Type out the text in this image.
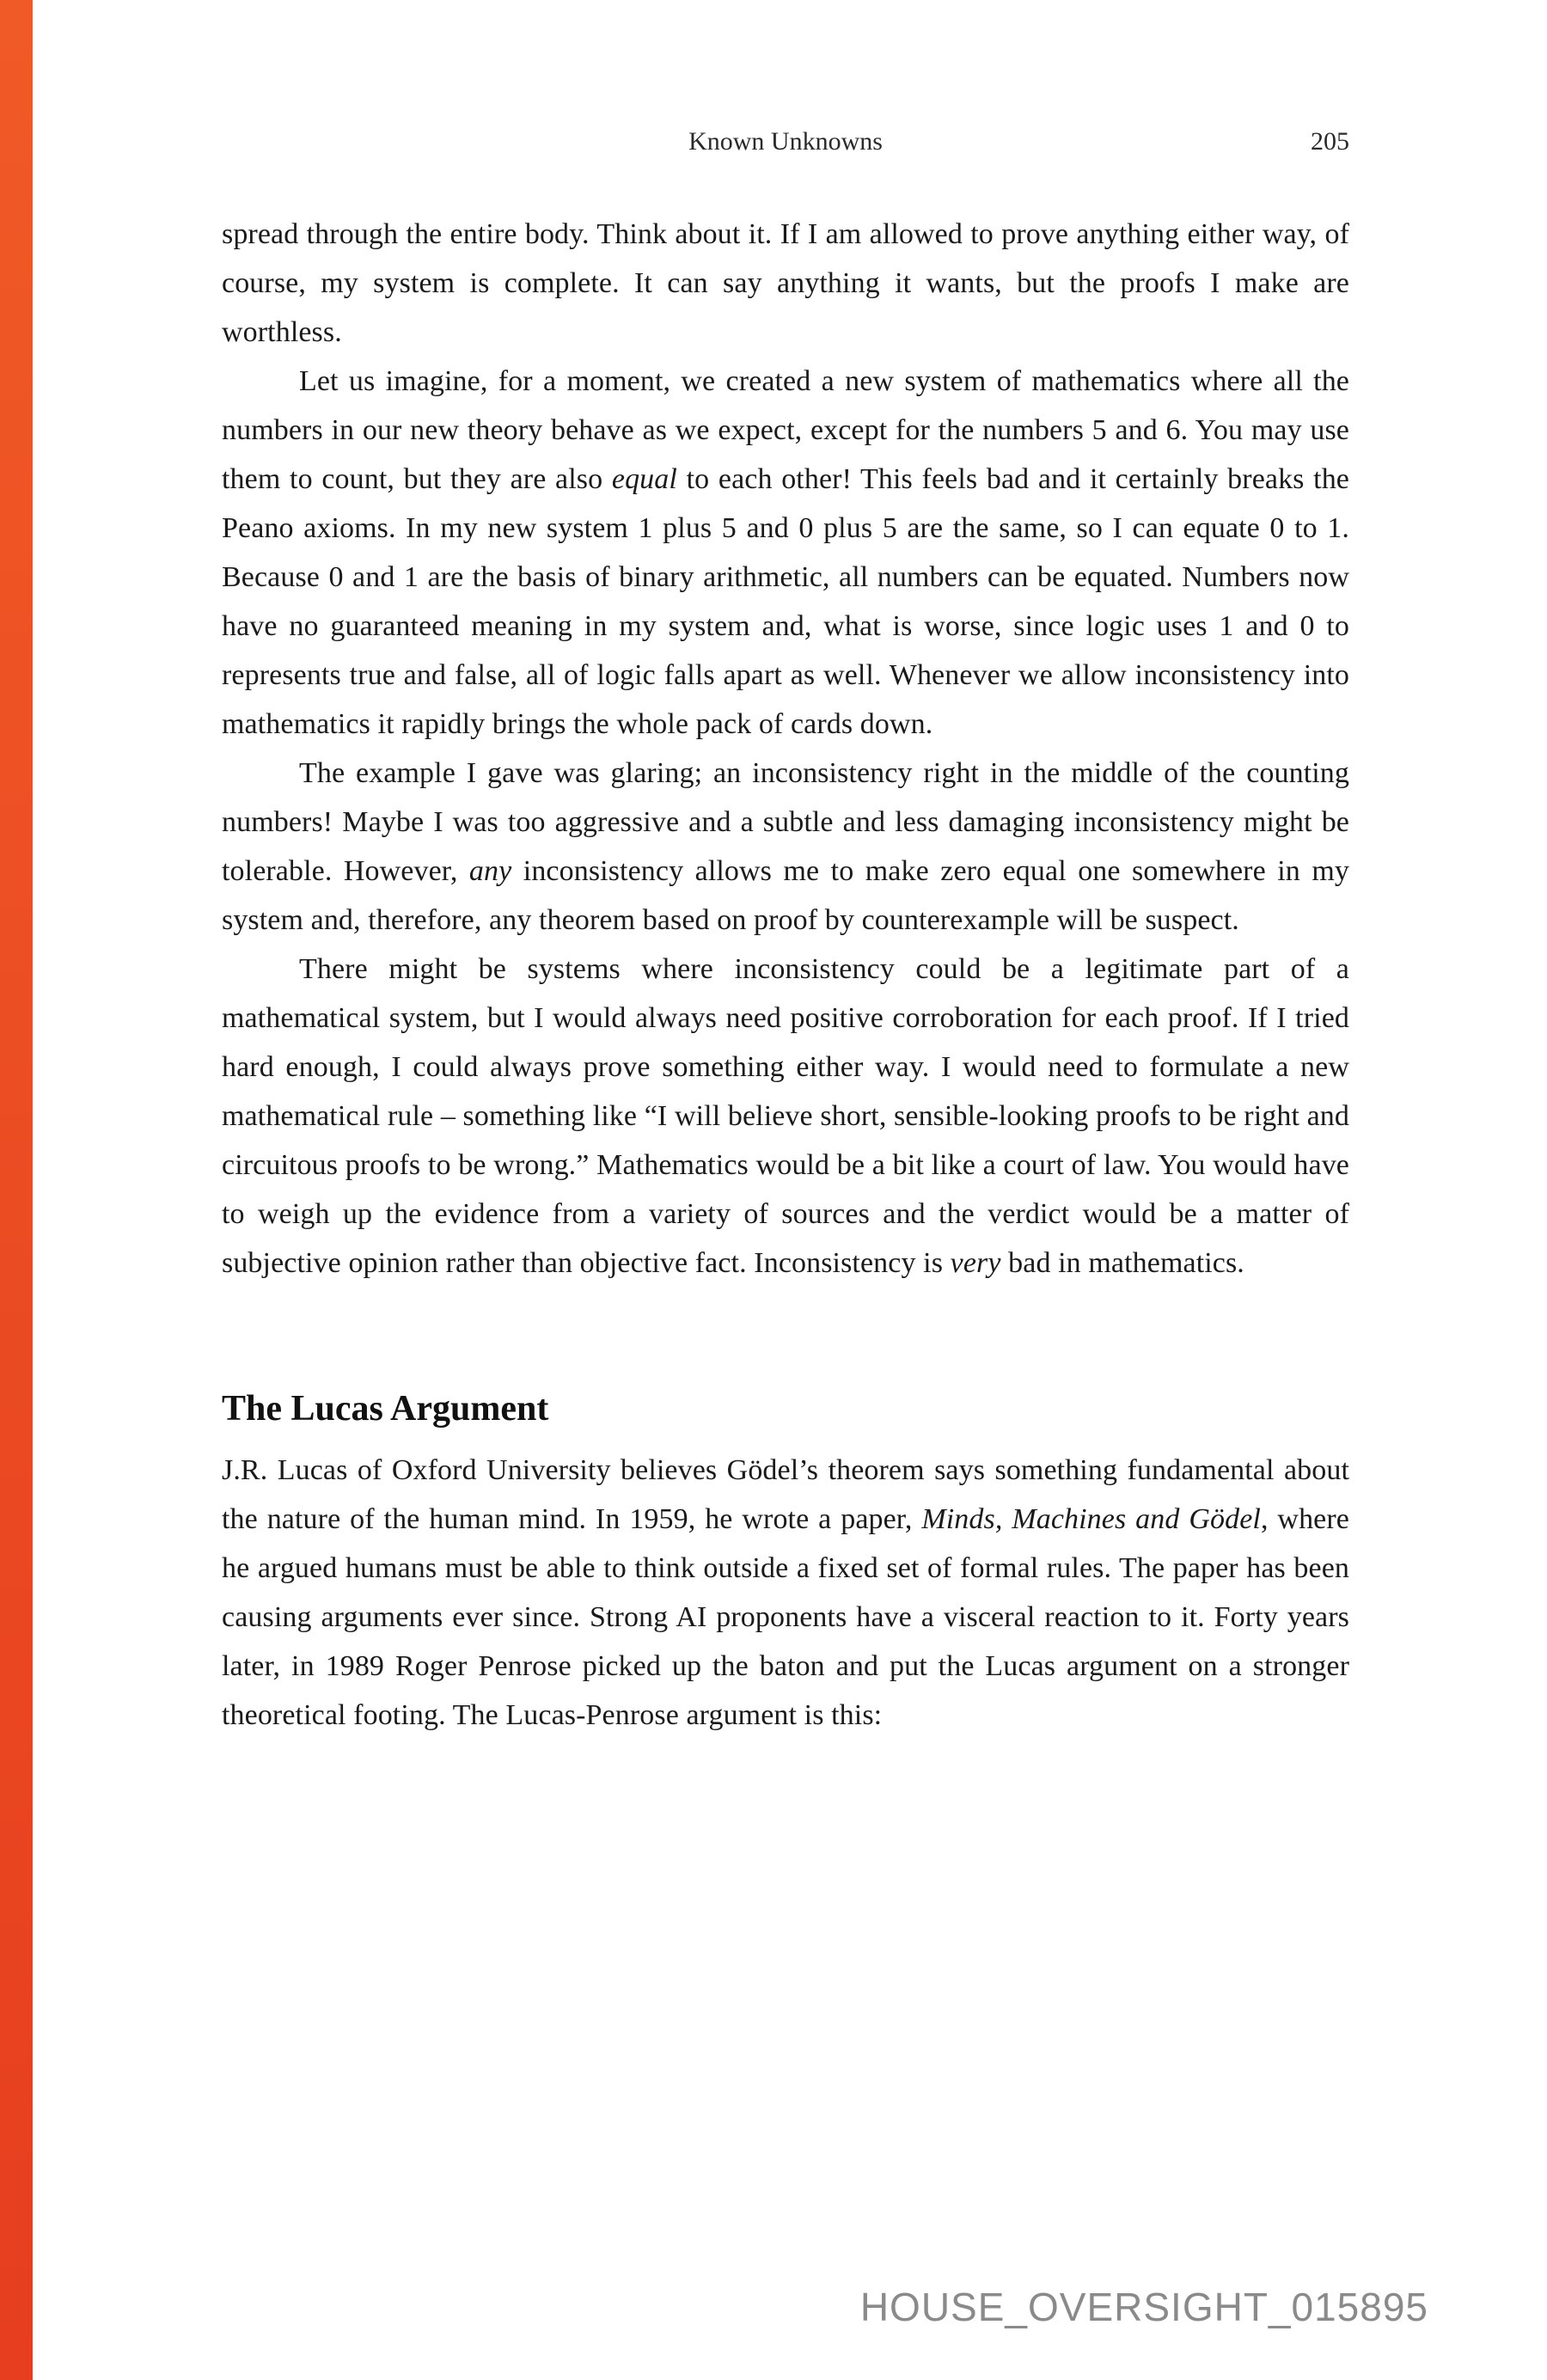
Known Unknowns	205

spread through the entire body. Think about it. If I am allowed to prove anything either way, of course, my system is complete. It can say anything it wants, but the proofs I make are worthless.

Let us imagine, for a moment, we created a new system of mathematics where all the numbers in our new theory behave as we expect, except for the numbers 5 and 6. You may use them to count, but they are also equal to each other! This feels bad and it certainly breaks the Peano axioms. In my new system 1 plus 5 and 0 plus 5 are the same, so I can equate 0 to 1. Because 0 and 1 are the basis of binary arithmetic, all numbers can be equated. Numbers now have no guaranteed meaning in my system and, what is worse, since logic uses 1 and 0 to represents true and false, all of logic falls apart as well. Whenever we allow inconsistency into mathematics it rapidly brings the whole pack of cards down.

The example I gave was glaring; an inconsistency right in the middle of the counting numbers! Maybe I was too aggressive and a subtle and less damaging inconsistency might be tolerable. However, any inconsistency allows me to make zero equal one somewhere in my system and, therefore, any theorem based on proof by counterexample will be suspect.

There might be systems where inconsistency could be a legitimate part of a mathematical system, but I would always need positive corroboration for each proof. If I tried hard enough, I could always prove something either way. I would need to formulate a new mathematical rule – something like “I will believe short, sensible-looking proofs to be right and circuitous proofs to be wrong.” Mathematics would be a bit like a court of law. You would have to weigh up the evidence from a variety of sources and the verdict would be a matter of subjective opinion rather than objective fact. Inconsistency is very bad in mathematics.

The Lucas Argument

J.R. Lucas of Oxford University believes Gödel’s theorem says something fundamental about the nature of the human mind. In 1959, he wrote a paper, Minds, Machines and Gödel, where he argued humans must be able to think outside a fixed set of formal rules. The paper has been causing arguments ever since. Strong AI proponents have a visceral reaction to it. Forty years later, in 1989 Roger Penrose picked up the baton and put the Lucas argument on a stronger theoretical footing. The Lucas-Penrose argument is this:

HOUSE_OVERSIGHT_015895
